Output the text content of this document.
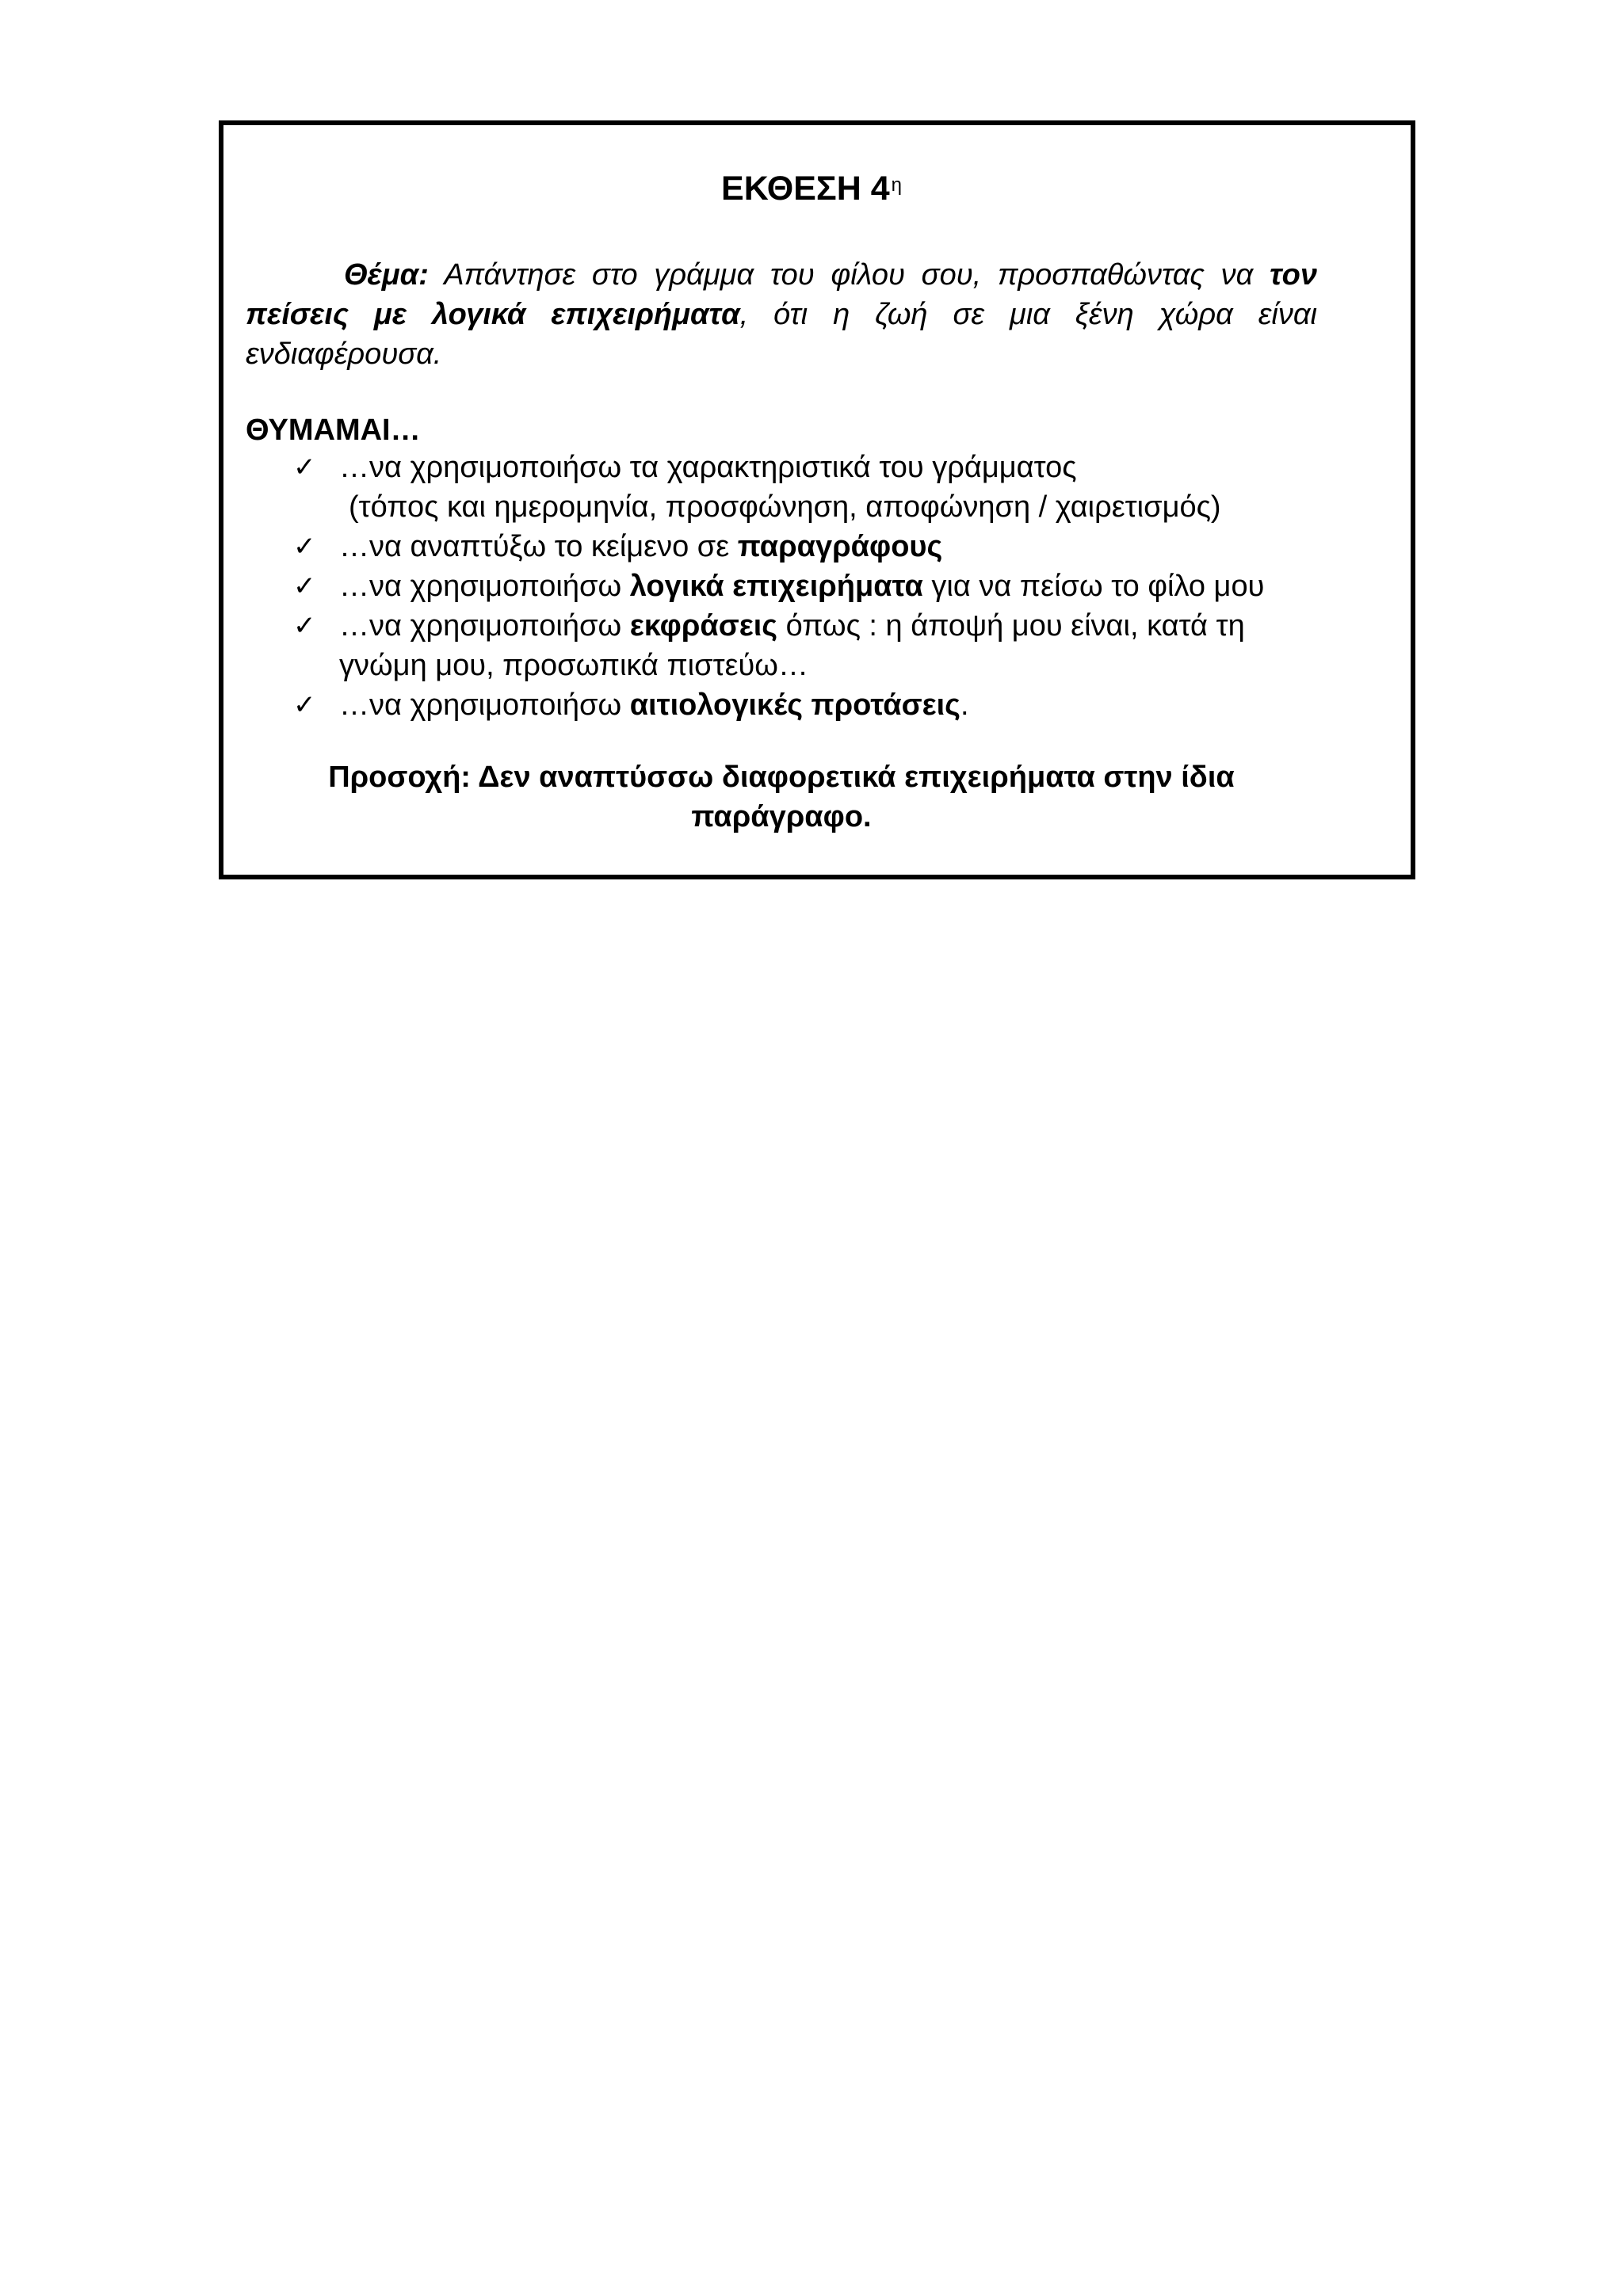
ΕΚΘΕΣΗ $4^\eta$

Θέμα: Απάντησε στο γράμμα του φίλου σου, προσπαθώντας να τον πείσεις με λογικά επιχειρήματα, ότι η ζωή σε μια ξένη χώρα είναι ενδιαφέρουσα.

ΘΥΜΑΜΑΙ…
✓ …να χρησιμοποιήσω τα χαρακτηριστικά του γράμματος
(τόπος και ημερομηνία, προσφώνηση, αποφώνηση / χαιρετισμός)
✓ …να αναπτύξω το κείμενο σε παραγράφους
✓ …να χρησιμοποιήσω λογικά επιχειρήματα για να πείσω το φίλο μου
✓ …να χρησιμοποιήσω εκφράσεις όπως : η άποψή μου είναι, κατά τη
γνώμη μου, προσωπικά πιστεύω…
✓ …να χρησιμοποιήσω αιτιολογικές προτάσεις.
Προσοχή: Δεν αναπτύσσω διαφορετικά επιχειρήματα στην ίδια
παράγραφο.
